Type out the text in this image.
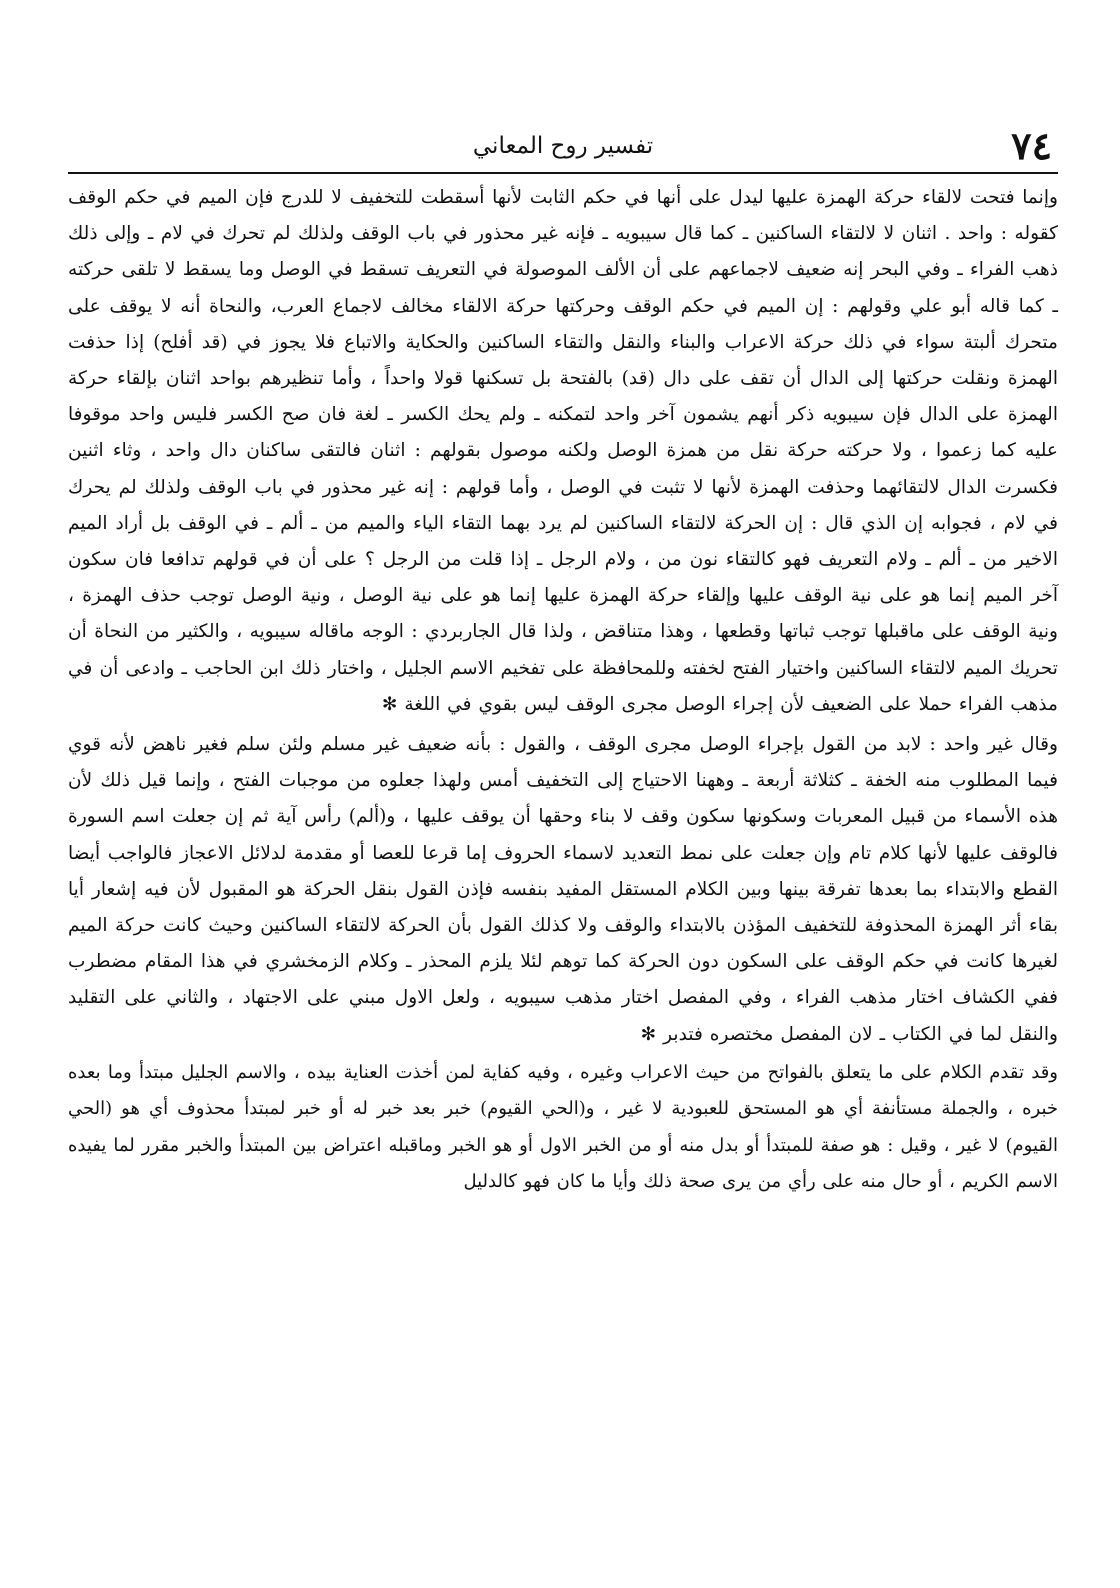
٧٤
تفسير روح المعاني

وإنما فتحت لالقاء حركة الهمزة عليها ليدل على أنها في حكم الثابت لأنها أسقطت للتخفيف لا للدرج فإن الميم في حكم الوقف كقوله : واحد . اثنان لا لالتقاء الساكنين ـ كما قال سيبويه ـ فإنه غير محذور في باب الوقف ولذلك لم تحرك في لام ـ وإلى ذلك ذهب الفراء ـ وفي البحر إنه ضعيف لاجماعهم على أن الألف الموصولة في التعريف تسقط في الوصل وما يسقط لا تلقى حركته ـ كما قاله أبو علي وقولهم : إن الميم في حكم الوقف وحركتها حركة الالقاء مخالف لاجماع العرب، والنحاة أنه لا يوقف على متحرك ألبتة سواء في ذلك حركة الاعراب والبناء والنقل والتقاء الساكنين والحكاية والاتباع فلا يجوز في (قد أفلح) إذا حذفت الهمزة ونقلت حركتها إلى الدال أن تقف على دال (قد) بالفتحة بل تسكنها قولا واحداً ، وأما تنظيرهم بواحد اثنان بإلقاء حركة الهمزة على الدال فإن سيبويه ذكر أنهم يشمون آخر واحد لتمكنه ـ ولم يحك الكسر ـ لغة فان صح الكسر فليس واحد موقوفا عليه كما زعموا ، ولا حركته حركة نقل من همزة الوصل ولكنه موصول بقولهم : اثنان فالتقى ساكنان دال واحد ، وثاء اثنين فكسرت الدال لالتقائهما وحذفت الهمزة لأنها لا تثبت في الوصل ، وأما قولهم : إنه غير محذور في باب الوقف ولذلك لم يحرك في لام ، فجوابه إن الذي قال : إن الحركة لالتقاء الساكنين لم يرد بهما التقاء الياء والميم من ـ ألم ـ في الوقف بل أراد الميم الاخير من ـ ألم ـ ولام التعريف فهو كالتقاء نون من ، ولام الرجل ـ إذا قلت من الرجل ؟ على أن في قولهم تدافعا فان سكون آخر الميم إنما هو على نية الوقف عليها وإلقاء حركة الهمزة عليها إنما هو على نية الوصل ، ونية الوصل توجب حذف الهمزة ، ونية الوقف على ماقبلها توجب ثباتها وقطعها ، وهذا متناقض ، ولذا قال الجاربردي : الوجه ماقاله سيبويه ، والكثير من النحاة أن تحريك الميم لالتقاء الساكنين واختيار الفتح لخفته وللمحافظة على تفخيم الاسم الجليل ، واختار ذلك ابن الحاجب ـ وادعى أن في مذهب الفراء حملا على الضعيف لأن إجراء الوصل مجرى الوقف ليس بقوي في اللغة ✻

وقال غير واحد : لابد من القول بإجراء الوصل مجرى الوقف ، والقول : بأنه ضعيف غير مسلم ولئن سلم فغير ناهض لأنه قوي فيما المطلوب منه الخفة ـ كثلاثة أربعة ـ وههنا الاحتياج إلى التخفيف أمس ولهذا جعلوه من موجبات الفتح ، وإنما قيل ذلك لأن هذه الأسماء من قبيل المعربات وسكونها سكون وقف لا بناء وحقها أن يوقف عليها ، و(ألم) رأس آية ثم إن جعلت اسم السورة فالوقف عليها لأنها كلام تام وإن جعلت على نمط التعديد لاسماء الحروف إما قرعا للعصا أو مقدمة لدلائل الاعجاز فالواجب أيضا القطع والابتداء بما بعدها تفرقة بينها وبين الكلام المستقل المفيد بنفسه فإذن القول بنقل الحركة هو المقبول لأن فيه إشعار أيا بقاء أثر الهمزة المحذوفة للتخفيف المؤذن بالابتداء والوقف ولا كذلك القول بأن الحركة لالتقاء الساكنين وحيث كانت حركة الميم لغيرها كانت في حكم الوقف على السكون دون الحركة كما توهم لئلا يلزم المحذر ـ وكلام الزمخشري في هذا المقام مضطرب ففي الكشاف اختار مذهب الفراء ، وفي المفصل اختار مذهب سيبويه ، ولعل الاول مبني على الاجتهاد ، والثاني على التقليد والنقل لما في الكتاب ـ لان المفصل مختصره فتدبر ✻

وقد تقدم الكلام على ما يتعلق بالفواتح من حيث الاعراب وغيره ، وفيه كفاية لمن أخذت العناية بيده ، والاسم الجليل مبتدأ وما بعده خبره ، والجملة مستأنفة أي هو المستحق للعبودية لا غير ، و(الحي القيوم) خبر بعد خبر له أو خبر لمبتدأ محذوف أي هو (الحي القيوم) لا غير ، وقيل : هو صفة للمبتدأ أو بدل منه أو من الخبر الاول أو هو الخبر وماقبله اعتراض بين المبتدأ والخبر مقرر لما يفيده الاسم الكريم ، أو حال منه على رأي من يرى صحة ذلك وأيا ما كان فهو كالدليل
